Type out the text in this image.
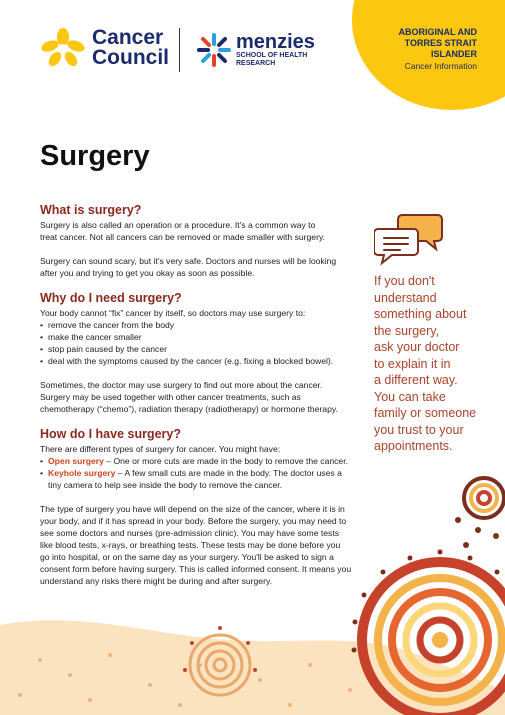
Cancer
Council
menzies
SCHOOL OF HEALTH
RESEARCH
ABORIGINAL AND
TORRES STRAIT
ISLANDER
Cancer Information
Surgery
What is surgery?

Surgery is also called an operation or a procedure. It's a common way to

treat cancer. Not all cancers can be removed or made smaller with surgery.

Surgery can sound scary, but it's very safe. Doctors and nurses will be looking

after you and trying to get you okay as soon as possible.

Why do I need surgery?

Your body cannot “fix” cancer by itself, so doctors may use surgery to:

• remove the cancer from the body
• make the cancer smaller
• stop pain caused by the cancer
• deal with the symptoms caused by the cancer (e.g. fixing a blocked bowel).

Sometimes, the doctor may use surgery to find out more about the cancer.

Surgery may be used together with other cancer treatments, such as

chemotherapy (“chemo”), radiation therapy (radiotherapy) or hormone therapy.

How do I have surgery?

There are different types of surgery for cancer. You might have:

• Open surgery – One or more cuts are made in the body to remove the cancer.
• Keyhole surgery – A few small cuts are made in the body. The doctor uses a

tiny camera to help see inside the body to remove the cancer.

The type of surgery you have will depend on the size of the cancer, where it is in

your body, and if it has spread in your body. Before the surgery, you may need to

see some doctors and nurses (pre-admission clinic). You may have some tests

like blood tests, x-rays, or breathing tests. These tests may be done before you

go into hospital, or on the same day as your surgery. You'll be asked to sign a

consent form before having surgery. This is called informed consent. It means you

understand any risks there might be during and after surgery.

If you don't
understand
something about
the surgery,
ask your doctor
to explain it in
a different way.
You can take
family or someone
you trust to your
appointments.
